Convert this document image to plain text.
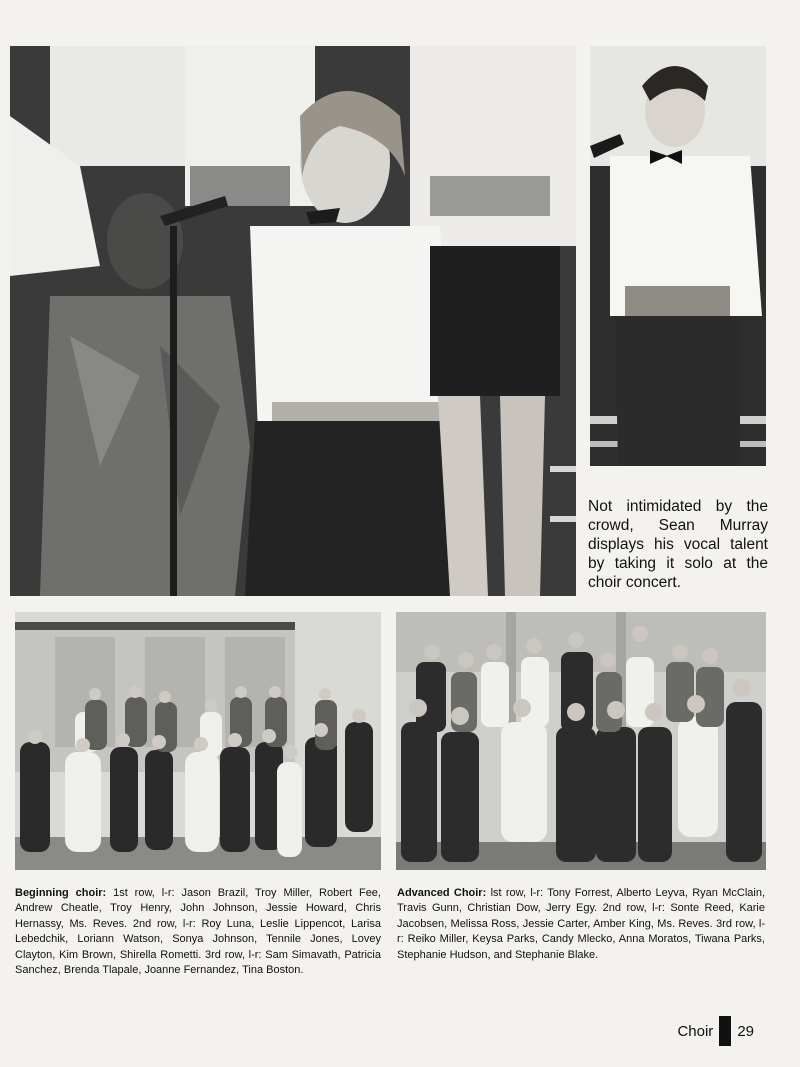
Not intimidated by the crowd, Sean Murray displays his vocal talent by taking it solo at the choir concert.

Beginning choir: 1st row, l-r: Jason Brazil, Troy Miller, Robert Fee, Andrew Cheatle, Troy Henry, John Johnson, Jessie Howard, Chris Hernassy, Ms. Reves. 2nd row, l-r: Roy Luna, Leslie Lippencot, Larisa Lebedchik, Loriann Watson, Sonya Johnson, Tennile Jones, Lovey Clayton, Kim Brown, Shirella Rometti. 3rd row, l-r: Sam Simavath, Patricia Sanchez, Brenda Tlapale, Joanne Fernandez, Tina Boston.

Advanced Choir: lst row, l-r: Tony Forrest, Alberto Leyva, Ryan McClain, Travis Gunn, Christian Dow, Jerry Egy. 2nd row, l-r: Sonte Reed, Karie Jacobsen, Melissa Ross, Jessie Carter, Amber King, Ms. Reves. 3rd row, l-r: Reiko Miller, Keysa Parks, Candy Mlecko, Anna Moratos, Tiwana Parks, Stephanie Hudson, and Stephanie Blake.

Choir 29
